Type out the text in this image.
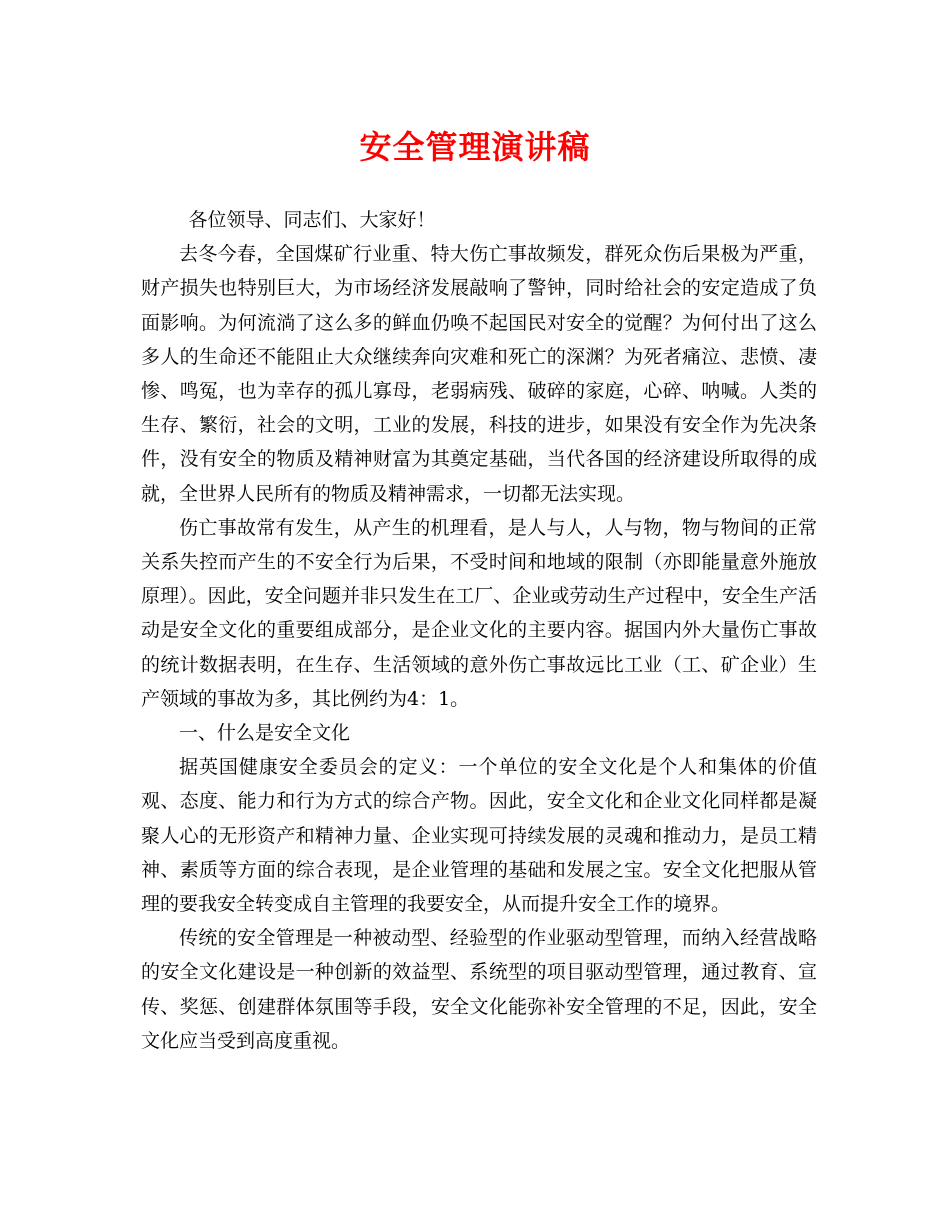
安全管理演讲稿

各位领导、同志们、大家好！

去冬今春，全国煤矿行业重、特大伤亡事故频发，群死众伤后果极为严重，财产损失也特别巨大，为市场经济发展敲响了警钟，同时给社会的安定造成了负面影响。为何流淌了这么多的鲜血仍唤不起国民对安全的觉醒？为何付出了这么多人的生命还不能阻止大众继续奔向灾难和死亡的深渊？为死者痛泣、悲愤、凄惨、鸣冤，也为幸存的孤儿寡母，老弱病残、破碎的家庭，心碎、呐喊。人类的生存、繁衍，社会的文明，工业的发展，科技的进步，如果没有安全作为先决条件，没有安全的物质及精神财富为其奠定基础，当代各国的经济建设所取得的成就，全世界人民所有的物质及精神需求，一切都无法实现。

伤亡事故常有发生，从产生的机理看，是人与人，人与物，物与物间的正常关系失控而产生的不安全行为后果，不受时间和地域的限制（亦即能量意外施放原理）。因此，安全问题并非只发生在工厂、企业或劳动生产过程中，安全生产活动是安全文化的重要组成部分，是企业文化的主要内容。据国内外大量伤亡事故的统计数据表明，在生存、生活领域的意外伤亡事故远比工业（工、矿企业）生产领域的事故为多，其比例约为4：1。

一、什么是安全文化

据英国健康安全委员会的定义：一个单位的安全文化是个人和集体的价值观、态度、能力和行为方式的综合产物。因此，安全文化和企业文化同样都是凝聚人心的无形资产和精神力量、企业实现可持续发展的灵魂和推动力，是员工精神、素质等方面的综合表现，是企业管理的基础和发展之宝。安全文化把服从管理的要我安全转变成自主管理的我要安全，从而提升安全工作的境界。

传统的安全管理是一种被动型、经验型的作业驱动型管理，而纳入经营战略的安全文化建设是一种创新的效益型、系统型的项目驱动型管理，通过教育、宣传、奖惩、创建群体氛围等手段，安全文化能弥补安全管理的不足，因此，安全文化应当受到高度重视。
